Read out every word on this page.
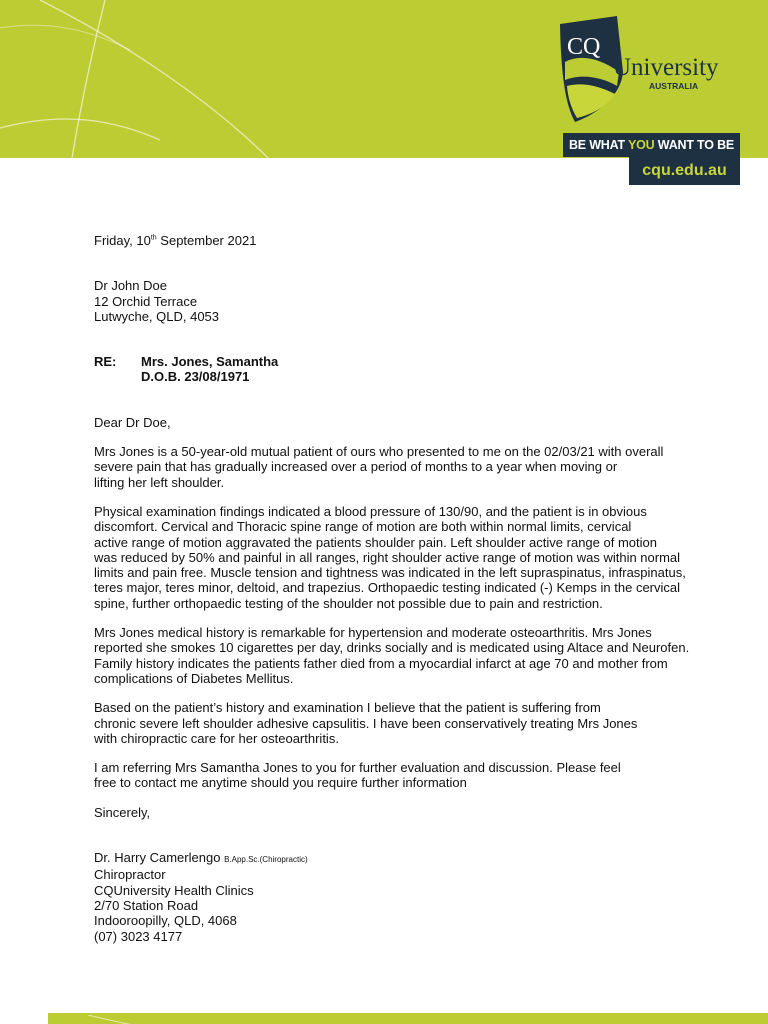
CQ
University
AUSTRALIA
BE WHAT YOU WANT TO BE
cqu.edu.au

Friday, 10th September 2021

Dr John Doe

12 Orchid Terrace

Lutwyche, QLD, 4053

RE: Mrs. Jones, Samantha

D.O.B. 23/08/1971

Dear Dr Doe,

Mrs Jones is a 50-year-old mutual patient of ours who presented to me on the 02/03/21 with overall

severe pain that has gradually increased over a period of months to a year when moving or

lifting her left shoulder.

Physical examination findings indicated a blood pressure of 130/90, and the patient is in obvious

discomfort. Cervical and Thoracic spine range of motion are both within normal limits, cervical

active range of motion aggravated the patients shoulder pain. Left shoulder active range of motion

was reduced by 50% and painful in all ranges, right shoulder active range of motion was within normal

limits and pain free. Muscle tension and tightness was indicated in the left supraspinatus, infraspinatus,

teres major, teres minor, deltoid, and trapezius. Orthopaedic testing indicated (-) Kemps in the cervical

spine, further orthopaedic testing of the shoulder not possible due to pain and restriction.

Mrs Jones medical history is remarkable for hypertension and moderate osteoarthritis. Mrs Jones

reported she smokes 10 cigarettes per day, drinks socially and is medicated using Altace and Neurofen.

Family history indicates the patients father died from a myocardial infarct at age 70 and mother from

complications of Diabetes Mellitus.

Based on the patient’s history and examination I believe that the patient is suffering from

chronic severe left shoulder adhesive capsulitis. I have been conservatively treating Mrs Jones

with chiropractic care for her osteoarthritis.

I am referring Mrs Samantha Jones to you for further evaluation and discussion. Please feel

free to contact me anytime should you require further information

Sincerely,

Dr. Harry Camerlengo B.App.Sc.(Chiropractic)

Chiropractor

CQUniversity Health Clinics

2/70 Station Road

Indooroopilly, QLD, 4068

(07) 3023 4177
